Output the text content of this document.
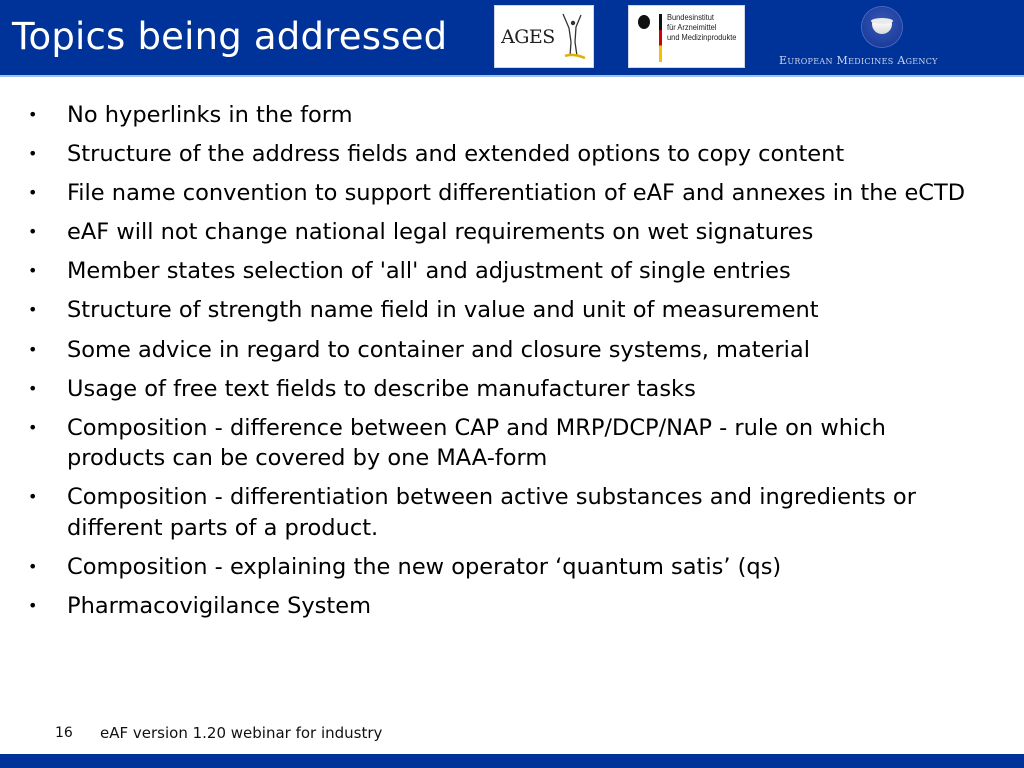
Topics being addressed	AGES
Bundesinstitut
für Arzneimittel
und Medizinprodukte
European Medicines Agency
• No hyperlinks in the form
• Structure of the address fields and extended options to copy content
• File name convention to support differentiation of eAF and annexes in the eCTD
• eAF will not change national legal requirements on wet signatures
• Member states selection of 'all' and adjustment of single entries
• Structure of strength name field in value and unit of measurement
• Some advice in regard to container and closure systems, material
• Usage of free text fields to describe manufacturer tasks
• Composition - difference between CAP and MRP/DCP/NAP - rule on which products can be covered by one MAA-form
• Composition - differentiation between active substances and ingredients or different parts of a product.
• Composition - explaining the new operator ‘quantum satis’ (qs)
• Pharmacovigilance System
16 eAF version 1.20 webinar for industry
